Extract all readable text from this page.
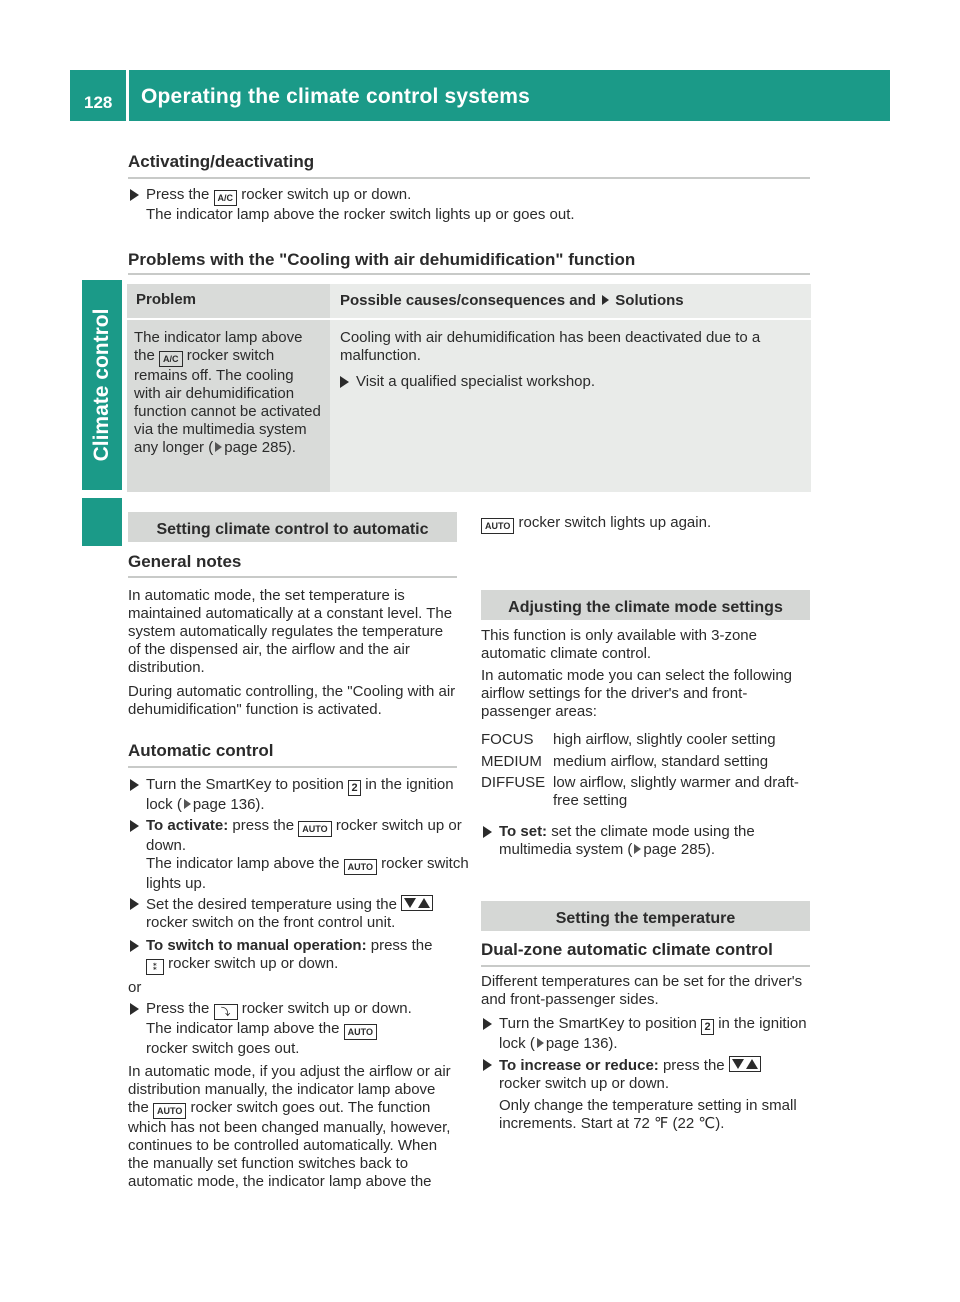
128 Operating the climate control systems
Climate control
Activating/deactivating
Press the A/C rocker switch up or down.
The indicator lamp above the rocker switch lights up or goes out.
Problems with the "Cooling with air dehumidification" function
Problem	Possible causes/consequences and Solutions
The indicator lamp above the A/C rocker switch remains off. The cooling with air dehumidification function cannot be activated via the multimedia system any longer ( page 285).	Cooling with air dehumidification has been deactivated due to a malfunction.
Visit a qualified specialist workshop.
Setting climate control to automatic
General notes
In automatic mode, the set temperature is maintained automatically at a constant level. The system automatically regulates the temperature of the dispensed air, the airflow and the air distribution.
During automatic controlling, the "Cooling with air dehumidification" function is activated.
Automatic control
Turn the SmartKey to position 2 in the ignition lock ( page 136).
To activate: press the AUTO rocker switch up or down.
The indicator lamp above the AUTO rocker switch lights up.
Set the desired temperature using the
rocker switch on the front control unit.
To switch to manual operation: press the
⁑ rocker switch up or down.
or
Press the ⤵ rocker switch up or down.
The indicator lamp above the AUTO
rocker switch goes out.
In automatic mode, if you adjust the airflow or air distribution manually, the indicator lamp above the AUTO rocker switch goes out. The function which has not been changed manually, however, continues to be controlled automatically. When the manually set function switches back to automatic mode, the indicator lamp above the
AUTO rocker switch lights up again.
Adjusting the climate mode settings
This function is only available with 3-zone automatic climate control.
In automatic mode you can select the following airflow settings for the driver's and front-passenger areas:
FOCUS high airflow, slightly cooler setting
MEDIUM medium airflow, standard setting
DIFFUSE low airflow, slightly warmer and draft-free setting
To set: set the climate mode using the multimedia system ( page 285).
Setting the temperature
Dual-zone automatic climate control
Different temperatures can be set for the driver's and front-passenger sides.
Turn the SmartKey to position 2 in the ignition lock ( page 136).
To increase or reduce: press the

rocker switch up or down.
Only change the temperature setting in small increments. Start at 72 ℉ (22 ℃).
